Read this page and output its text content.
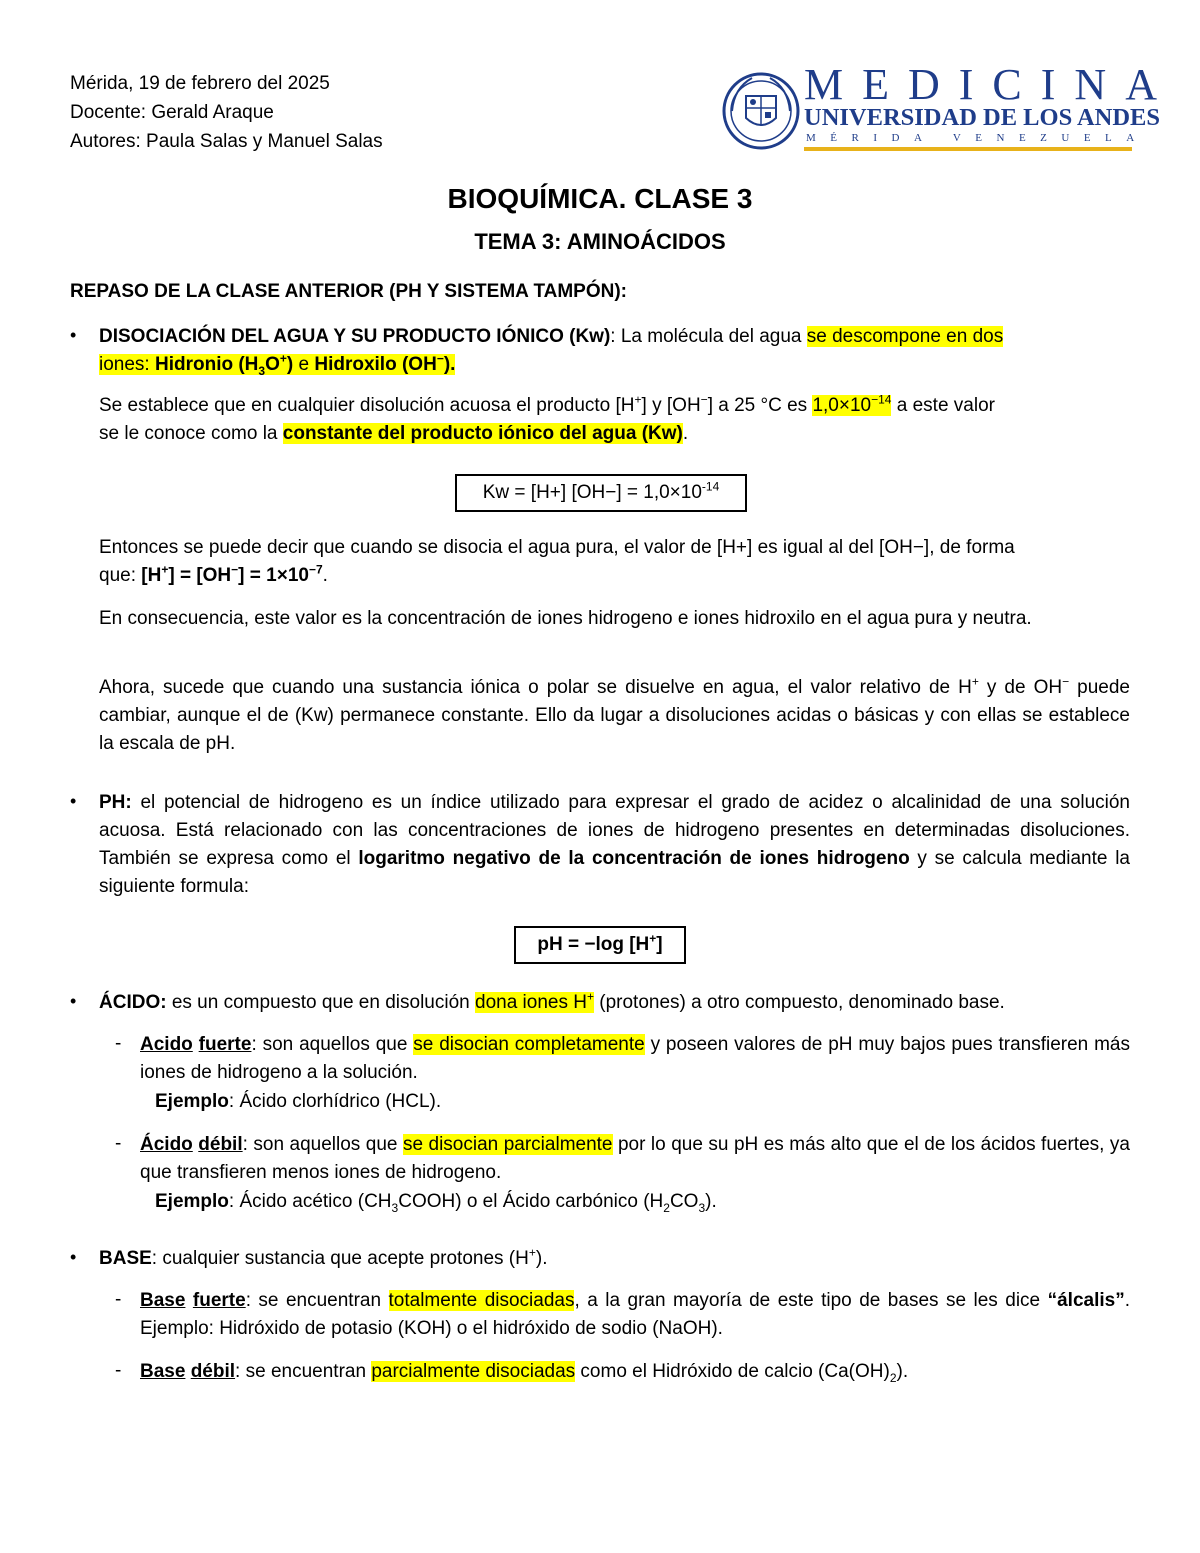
Mérida, 19 de febrero del 2025
Docente: Gerald Araque
Autores: Paula Salas y Manuel Salas
MEDICINA
UNIVERSIDAD DE LOS ANDES
MÉRIDA VENEZUELA
BIOQUÍMICA. CLASE 3
TEMA 3: AMINOÁCIDOS
REPASO DE LA CLASE ANTERIOR (PH Y SISTEMA TAMPÓN):
• DISOCIACIÓN DEL AGUA Y SU PRODUCTO IÓNICO (Kw): La molécula del agua se descompone en dos
iones: Hidronio $(H_3O^+)$ e Hidroxilo (OH−).
Se establece que en cualquier disolución acuosa el producto [H+] y [OH−] a 25 °C es $1,0\times 10^{-14}$ a este valor
se le conoce como la constante del producto iónico del agua (Kw).
Kw = [H+] $[OH-] = 1,0\times 10^{-14}$
Entonces se puede decir que cuando se disocia el agua pura, el valor de [H+] es igual al del [OH−], de forma
que: $[H^+] = [OH^-] = 1\times 10^{-7}$.
En consecuencia, este valor es la concentración de iones hidrogeno e iones hidroxilo en el agua pura y neutra.
Ahora, sucede que cuando una sustancia iónica o polar se disuelve en agua, el valor relativo de H+ y de OH− puede cambiar, aunque el de (Kw) permanece constante. Ello da lugar a disoluciones acidas o básicas y con ellas se establece la escala de pH.
• PH: el potencial de hidrogeno es un índice utilizado para expresar el grado de acidez o alcalinidad de una solución acuosa. Está relacionado con las concentraciones de iones de hidrogeno presentes en determinadas disoluciones. También se expresa como el logaritmo negativo de la concentración de iones hidrogeno y se calcula mediante la siguiente formula:
pH = −log [H+]
• ÁCIDO: es un compuesto que en disolución dona iones H+ (protones) a otro compuesto, denominado base.
- Acido fuerte: son aquellos que se disocian completamente y poseen valores de pH muy bajos pues transfieren más iones de hidrogeno a la solución.
Ejemplo: Ácido clorhídrico (HCL).
- Ácido débil: son aquellos que se disocian parcialmente por lo que su pH es más alto que el de los ácidos fuertes, ya que transfieren menos iones de hidrogeno.
Ejemplo: Ácido acético $(CH_3COOH)$ o el Ácido carbónico $(H_2CO_3)$.
• BASE: cualquier sustancia que acepte protones (H+).
- Base fuerte: se encuentran totalmente disociadas, a la gran mayoría de este tipo de bases se les dice “álcalis”. Ejemplo: Hidróxido de potasio (KOH) o el hidróxido de sodio (NaOH).
- Base débil: se encuentran parcialmente disociadas como el Hidróxido de calcio $(Ca(OH)_2)$.
